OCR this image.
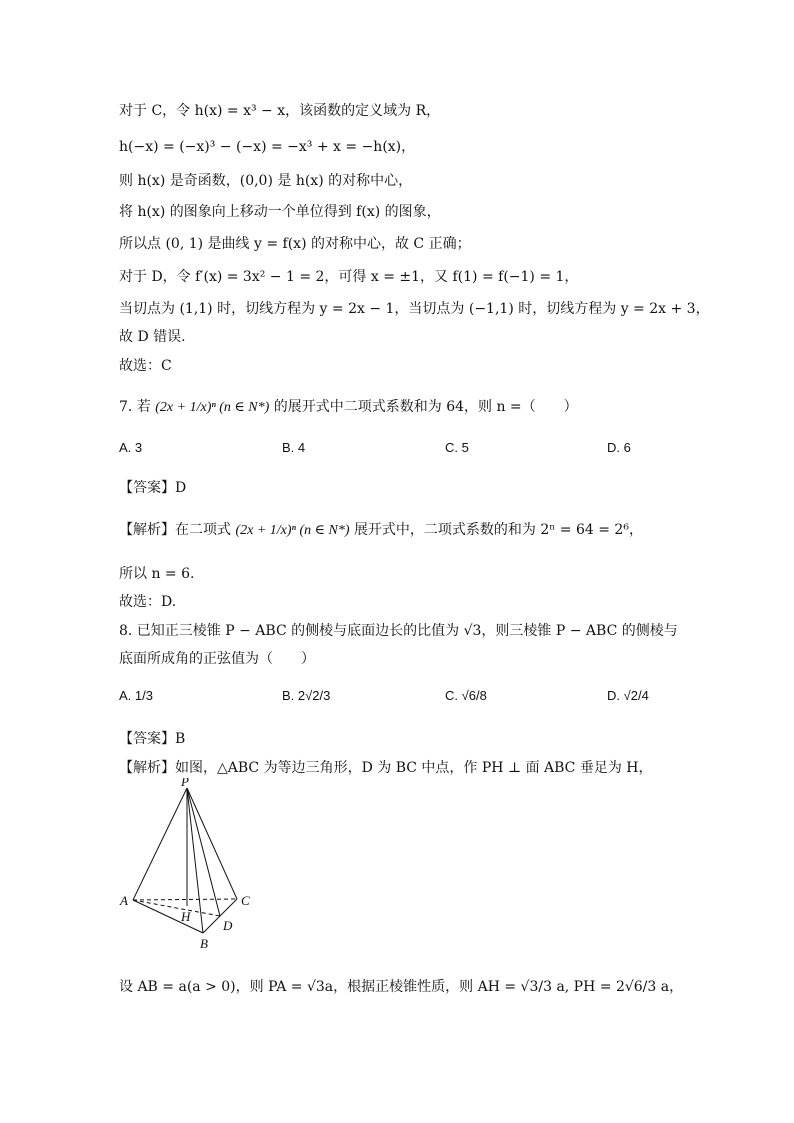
对于 C，令 h(x) = x³ − x，该函数的定义域为 R，
h(−x) = (−x)³ − (−x) = −x³ + x = −h(x)，
则 h(x) 是奇函数，(0,0) 是 h(x) 的对称中心，
将 h(x) 的图象向上移动一个单位得到 f(x) 的图象，
所以点 (0, 1) 是曲线 y = f(x) 的对称中心，故 C 正确；
对于 D，令 f′(x) = 3x² − 1 = 2，可得 x = ±1，又 f(1) = f(−1) = 1，
当切点为 (1,1) 时，切线方程为 y = 2x − 1，当切点为 (−1,1) 时，切线方程为 y = 2x + 3，
故 D 错误.
故选：C
7. 若 (2x + 1/x)ⁿ (n ∈ N*) 的展开式中二项式系数和为 64，则 n =（　　）
A. 3	B. 4	C. 5	D. 6
【答案】D
【解析】在二项式 (2x + 1/x)ⁿ (n ∈ N*) 展开式中，二项式系数的和为 2ⁿ = 64 = 2⁶，
所以 n = 6.
故选：D.
8. 已知正三棱锥 P − ABC 的侧棱与底面边长的比值为 √3，则三棱锥 P − ABC 的侧棱与
底面所成角的正弦值为（　　）
A. 1/3	B. 2√2/3	C. √6/8	D. √2/4
【答案】B
【解析】如图，△ABC 为等边三角形，D 为 BC 中点，作 PH ⊥ 面 ABC 垂足为 H，
P
A	C
H
D
B
设 AB = a(a > 0)，则 PA = √3a，根据正棱锥性质，则 AH = √3/3 a, PH = 2√6/3 a，
